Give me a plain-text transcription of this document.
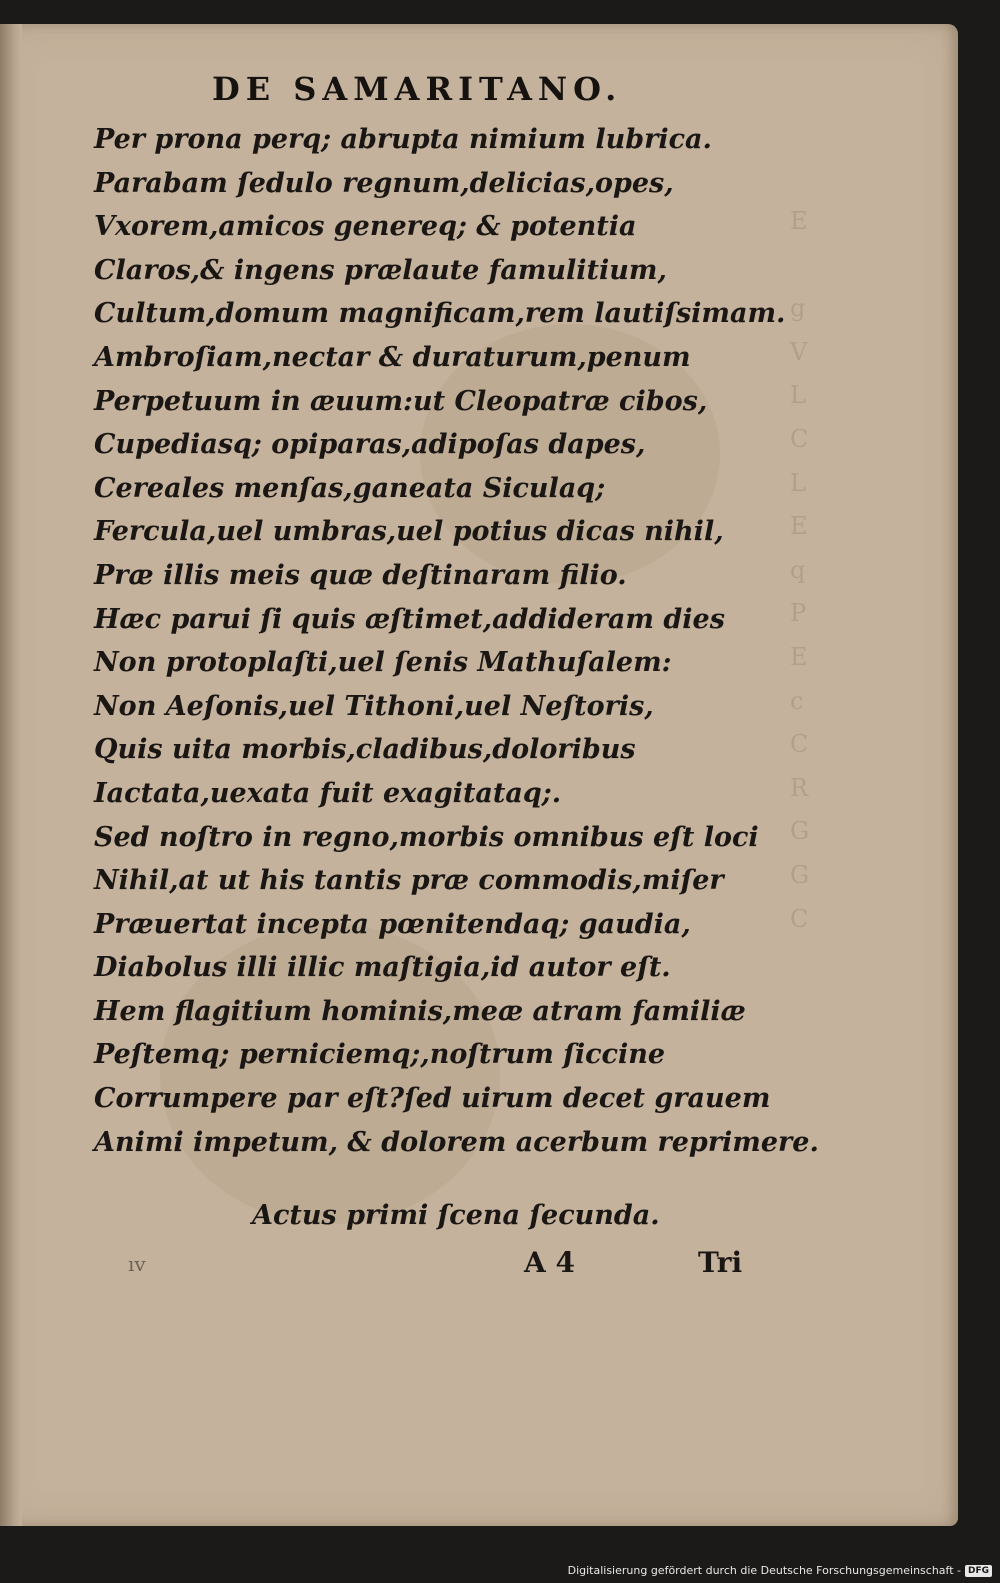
E

g
V
L
C
L
E
q
P
E
c
C
R
G
G
C
DE SAMARITANO.
Per prona perq; abrupta nimium lubrica.
Parabam ſedulo regnum,delicias,opes,
Vxorem,amicos genereq; & potentia
Claros,& ingens prælaute famulitium,
Cultum,domum magnificam,rem lautiſsimam.
Ambroſiam,nectar & duraturum,penum
Perpetuum in æuum:ut Cleopatræ cibos,
Cupediasq; opiparas,adipoſas dapes,
Cereales menſas,ganeata Siculaq;
Fercula,uel umbras,uel potius dicas nihil,
Præ illis meis quæ deſtinaram filio.
Hæc parui ſi quis æſtimet,addideram dies
Non protoplaſti,uel ſenis Mathuſalem:
Non Aeſonis,uel Tithoni,uel Neſtoris,
Quis uita morbis,cladibus,doloribus
Iactata,uexata fuit exagitataq;.
Sed noſtro in regno,morbis omnibus eſt loci
Nihil,at ut his tantis præ commodis,miſer
Præuertat incepta pœnitendaq; gaudia,
Diabolus illi illic maſtigia,id autor eſt.
Hem flagitium hominis,meæ atram familiæ
Peſtemq; perniciemq;,noſtrum ſiccine
Corrumpere par eſt?ſed uirum decet grauem
Animi impetum, & dolorem acerbum reprimere.
Actus primi ſcena ſecunda.
ıv	A 4	Tri
Digitalisierung gefördert durch die Deutsche Forschungsgemeinschaft - DFG
